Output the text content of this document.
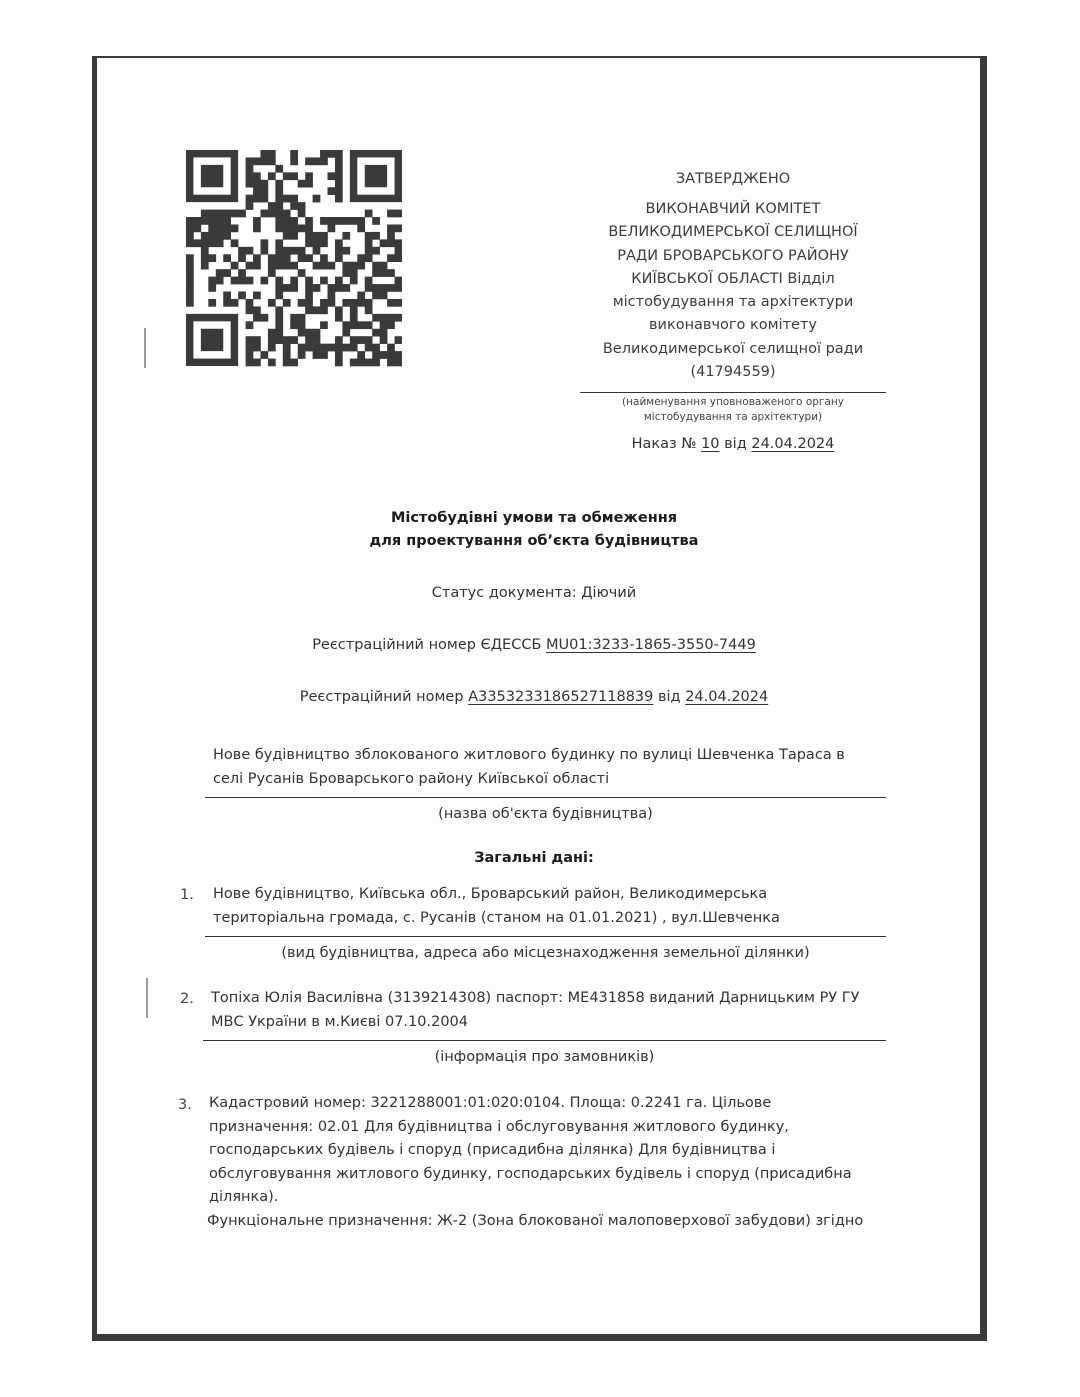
ЗАТВЕРДЖЕНО
ВИКОНАВЧИЙ КОМІТЕТ
ВЕЛИКОДИМЕРСЬКОЇ СЕЛИЩНОЇ
РАДИ БРОВАРСЬКОГО РАЙОНУ
КИЇВСЬКОЇ ОБЛАСТІ Відділ
містобудування та архітектури
виконавчого комітету
Великодимерської селищної ради
(41794559)
(найменування уповноваженого органу
містобудування та архітектури)
Наказ № 10 від 24.04.2024
Містобудівні умови та обмеження
для проектування об’єкта будівництва
Статус документа: Діючий
Реєстраційний номер ЄДЕССБ MU01:3233-1865-3550-7449
Реєстраційний номер A3353233186527118839 від 24.04.2024
Нове будівництво зблокованого житлового будинку по вулиці Шевченка Тараса в
селі Русанів Броварського району Київської області
(назва об'єкта будівництва)
Загальні дані:
1. Нове будівництво, Київська обл., Броварський район, Великодимерська
територіальна громада, с. Русанів (станом на 01.01.2021) , вул.Шевченка
(вид будівництва, адреса або місцезнаходження земельної ділянки)
2. Топіха Юлія Василівна (3139214308) паспорт: МЕ431858 виданий Дарницьким РУ ГУ
МВС України в м.Києві 07.10.2004
(інформація про замовників)
3. Кадастровий номер: 3221288001:01:020:0104. Площа: 0.2241 га. Цільове
призначення: 02.01 Для будівництва і обслуговування житлового будинку,
господарських будівель і споруд (присадибна ділянка) Для будівництва і
обслуговування житлового будинку, господарських будівель і споруд (присадибна
ділянка).
Функціональне призначення: Ж-2 (Зона блокованої малоповерхової забудови) згідно
